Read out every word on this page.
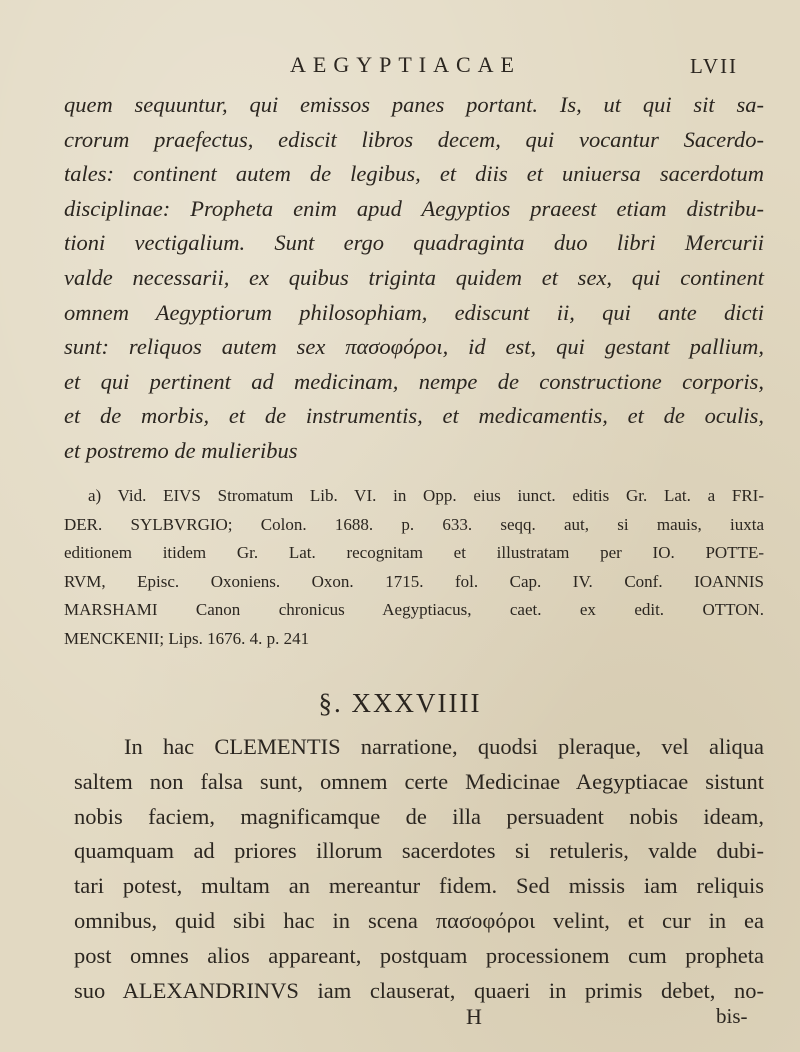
AEGYPTIACAE	LVII

quem sequuntur, qui emissos panes portant. Is, ut qui sit sa-

crorum praefectus, ediscit libros decem, qui vocantur Sacerdo-

tales: continent autem de legibus, et diis et uniuersa sacerdotum

disciplinae: Propheta enim apud Aegyptios praeest etiam distribu-

tioni vectigalium. Sunt ergo quadraginta duo libri Mercurii

valde necessarii, ex quibus triginta quidem et sex, qui continent

omnem Aegyptiorum philosophiam, ediscunt ii, qui ante dicti

sunt: reliquos autem sex πασοφόροι, id est, qui gestant pallium,

et qui pertinent ad medicinam, nempe de constructione corporis,

et de morbis, et de instrumentis, et medicamentis, et de oculis,

et postremo de mulieribus

a) Vid. EIVS Stromatum Lib. VI. in Opp. eius iunct. editis Gr. Lat. a FRI-

DER. SYLBVRGIO; Colon. 1688. p. 633. seqq. aut, si mauis, iuxta

editionem itidem Gr. Lat. recognitam et illustratam per IO. POTTE-

RVM, Episc. Oxoniens. Oxon. 1715. fol. Cap. IV. Conf. IOANNIS

MARSHAMI Canon chronicus Aegyptiacus, caet. ex edit. OTTON.

MENCKENII; Lips. 1676. 4. p. 241

§. XXXVIIII

In hac CLEMENTIS narratione, quodsi pleraque, vel aliqua

saltem non falsa sunt, omnem certe Medicinae Aegyptiacae sistunt

nobis faciem, magnificamque de illa persuadent nobis ideam,

quamquam ad priores illorum sacerdotes si retuleris, valde dubi-

tari potest, multam an mereantur fidem. Sed missis iam reliquis

omnibus, quid sibi hac in scena πασοφόροι velint, et cur in ea

post omnes alios appareant, postquam processionem cum propheta

suo ALEXANDRINVS iam clauserat, quaeri in primis debet, no-

H	bis-
